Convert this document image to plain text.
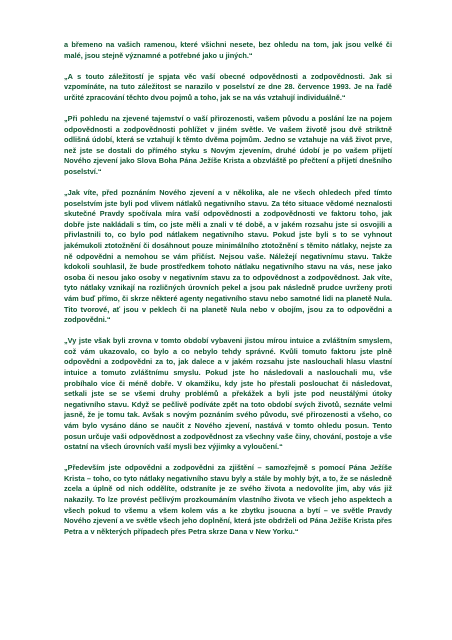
a břemeno na vašich ramenou, které všichni nesete, bez ohledu na tom, jak jsou velké či malé, jsou stejně významné a potřebné jako u jiných.“

„A s touto záležitostí je spjata věc vaší obecné odpovědnosti a zodpovědnosti. Jak si vzpomínáte, na tuto záležitost se narazilo v poselství ze dne 28. července 1993. Je na řadě určité zpracování těchto dvou pojmů a toho, jak se na vás vztahují individuálně.“

„Při pohledu na zjevené tajemství o vaší přirozenosti, vašem původu a poslání lze na pojem odpovědnosti a zodpovědnosti pohlížet v jiném světle. Ve vašem životě jsou dvě striktně odlišná údobí, která se vztahují k těmto dvěma pojmům. Jedno se vztahuje na váš život prve, než jste se dostali do přímého styku s Novým zjevením, druhé údobí je po vašem přijetí Nového zjevení jako Slova Boha Pána Ježíše Krista a obzvláště po přečtení a přijetí dnešního poselství.“

„Jak víte, před poznáním Nového zjevení a v několika, ale ne všech ohledech před tímto poselstvím jste byli pod vlivem nátlaků negativního stavu. Za této situace vědomé neznalosti skutečné Pravdy spočívala míra vaší odpovědnosti a zodpovědnosti ve faktoru toho, jak dobře jste nakládali s tím, co jste měli a znali v té době, a v jakém rozsahu jste si osvojili a přivlastnili to, co bylo pod nátlakem negativního stavu. Pokud jste byli s to se vyhnout jakémukoli ztotožnění či dosáhnout pouze minimálního ztotožnění s těmito nátlaky, nejste za ně odpovědni a nemohou se vám přičíst. Nejsou vaše. Náležejí negativnímu stavu. Takže kdokoli souhlasil, že bude prostředkem tohoto nátlaku negativního stavu na vás, nese jako osoba či nesou jako osoby v negativním stavu za to odpovědnost a zodpovědnost. Jak víte, tyto nátlaky vznikají na rozličných úrovních pekel a jsou pak následně prudce uvrženy proti vám buď přímo, či skrze některé agenty negativního stavu nebo samotné lidi na planetě Nula. Tito tvorové, ať jsou v peklech či na planetě Nula nebo v obojím, jsou za to odpovědni a zodpovědni.“

„Vy jste však byli zrovna v tomto období vybaveni jistou mírou intuice a zvláštním smyslem, což vám ukazovalo, co bylo a co nebylo tehdy správné. Kvůli tomuto faktoru jste plně odpovědni a zodpovědni za to, jak dalece a v jakém rozsahu jste naslouchali hlasu vlastní intuice a tomuto zvláštnímu smyslu. Pokud jste ho následovali a naslouchali mu, vše probíhalo více či méně dobře. V okamžiku, kdy jste ho přestali poslouchat či následovat, setkali jste se se všemi druhy problémů a překážek a byli jste pod neustálými útoky negativního stavu. Když se pečlivě podíváte zpět na toto období svých životů, seznáte velmi jasně, že je tomu tak. Avšak s novým poznáním svého původu, své přirozenosti a všeho, co vám bylo vysáno dáno se naučit z Nového zjevení, nastává v tomto ohledu posun. Tento posun určuje vaši odpovědnost a zodpovědnost za všechny vaše činy, chování, postoje a vše ostatní na všech úrovních vaší mysli bez výjimky a vyloučení.“

„Především jste odpovědni a zodpovědni za zjištění – samozřejmě s pomocí Pána Ježíše Krista – toho, co tyto nátlaky negativního stavu byly a stále by mohly být, a to, že se následně zcela a úplně od nich oddělíte, odstraníte je ze svého života a nedovolíte jim, aby vás již nakazily. To lze provést pečlivým prozkoumáním vlastního života ve všech jeho aspektech a všech pokud to všemu a všem kolem vás a ke zbytku jsoucna a bytí – ve světle Pravdy Nového zjevení a ve světle všech jeho doplnění, která jste obdrželi od Pána Ježíše Krista přes Petra a v některých případech přes Petra skrze Dana v New Yorku.“
